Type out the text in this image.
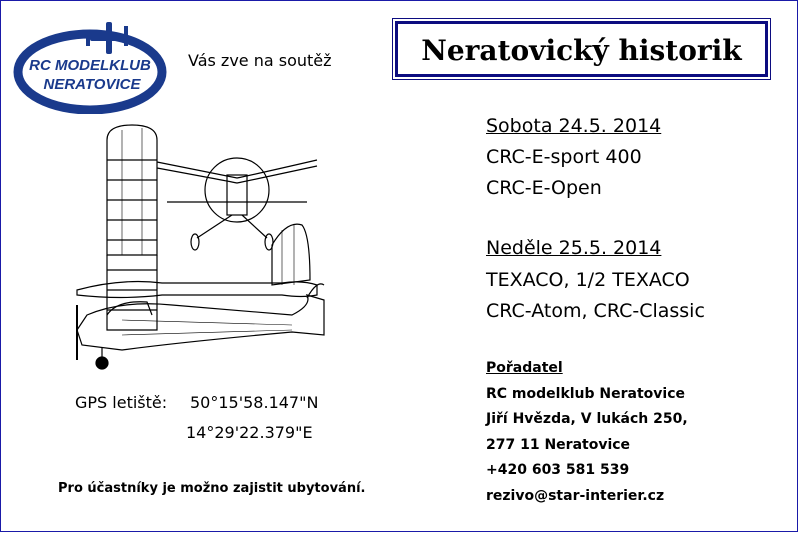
RC MODELKLUB
NERATOVICE
Vás zve na soutěž	Neratovický historik
Sobota 24.5. 2014
CRC-E-sport 400
CRC-E-Open
Neděle 25.5. 2014
TEXACO, 1/2 TEXACO
CRC-Atom, CRC-Classic
Pořadatel
RC modelklub Neratovice
Jiří Hvězda, V lukách 250,
277 11 Neratovice
+420 603 581 539
rezivo@star-interier.cz
GPS letiště: 50°15'58.147"N
14°29'22.379"E
Pro účastníky je možno zajistit ubytování.
